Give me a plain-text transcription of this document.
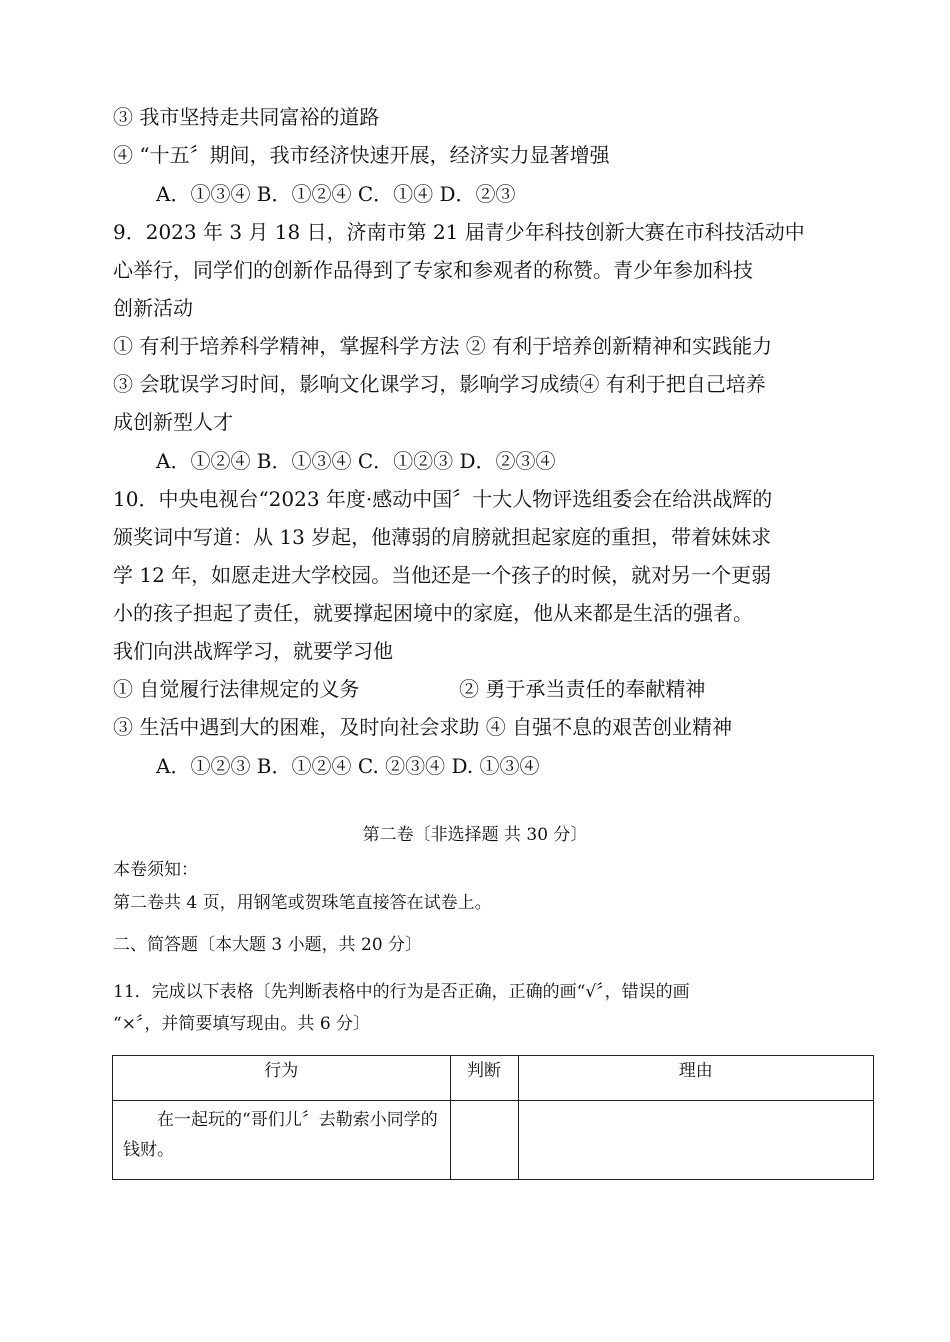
③ 我市坚持走共同富裕的道路
④ “十五〞期间，我市经济快速开展，经济实力显著增强
A．①③④ B．①②④ C．①④ D．②③
9．2023 年 3 月 18 日，济南市第 21 届青少年科技创新大赛在市科技活动中
心举行，同学们的创新作品得到了专家和参观者的称赞。青少年参加科技
创新活动
① 有利于培养科学精神，掌握科学方法 ② 有利于培养创新精神和实践能力
③ 会耽误学习时间，影响文化课学习，影响学习成绩④ 有利于把自己培养
成创新型人才
A．①②④ B．①③④ C．①②③ D．②③④
10．中央电视台“2023 年度·感动中国〞十大人物评选组委会在给洪战辉的
颁奖词中写道：从 13 岁起，他薄弱的肩膀就担起家庭的重担，带着妹妹求
学 12 年，如愿走进大学校园。当他还是一个孩子的时候，就对另一个更弱
小的孩子担起了责任，就要撑起困境中的家庭，他从来都是生活的强者。
我们向洪战辉学习，就要学习他
① 自觉履行法律规定的义务	② 勇于承当责任的奉献精神
③ 生活中遇到大的困难，及时向社会求助 ④ 自强不息的艰苦创业精神
A．①②③ B．①②④ C. ②③④ D. ①③④
第二卷〔非选择题 共 30 分〕
本卷须知：
第二卷共 4 页，用钢笔或贺珠笔直接答在试卷上。
二、简答题〔本大题 3 小题，共 20 分〕
11．完成以下表格〔先判断表格中的行为是否正确，正确的画“√〞，错误的画
“×〞，并简要填写现由。共 6 分〕
行为	判断	理由
在一起玩的“哥们儿〞去勒索小同学的钱财。		
